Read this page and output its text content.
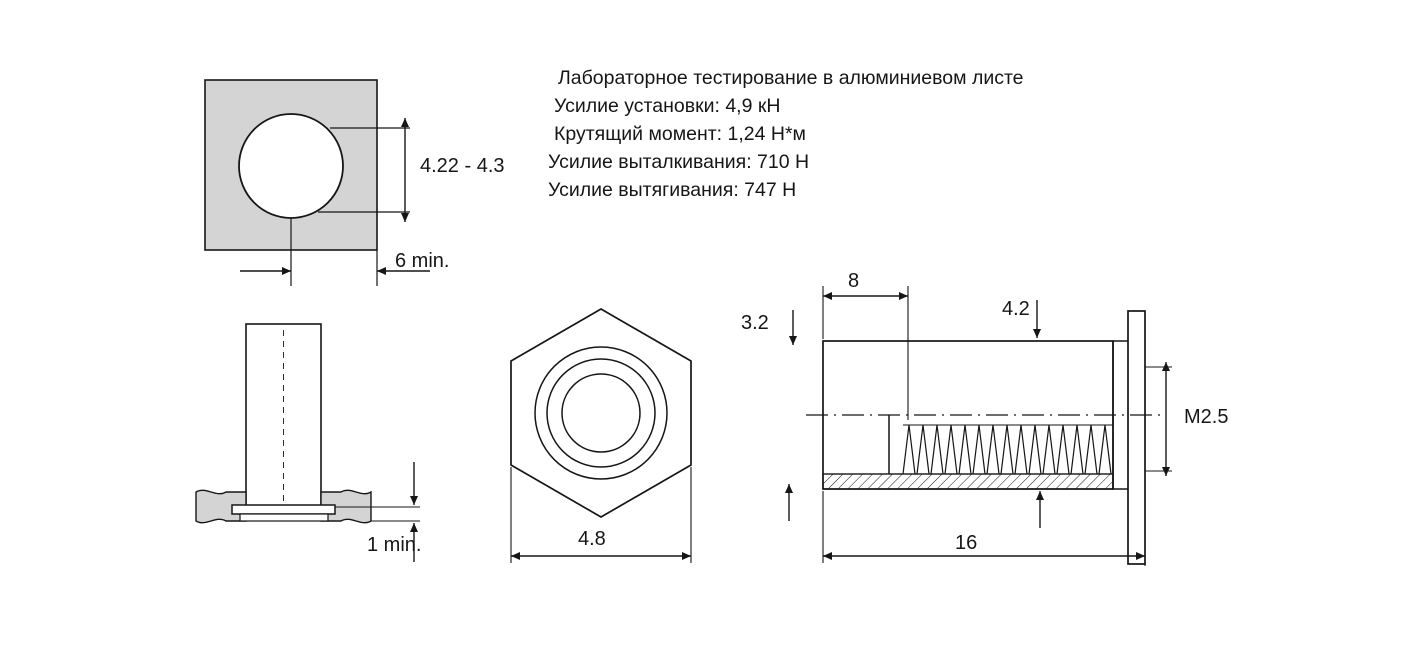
Лабораторное тестирование в алюминиевом листе
Усилие установки: 4,9 кН
Крутящий момент: 1,24 Н*м
Усилие выталкивания: 710 Н
Усилие вытягивания: 747 Н
4.22 - 4.3
6 min.
1 min.	4.8
8
3.2
4.2
M2.5
16
